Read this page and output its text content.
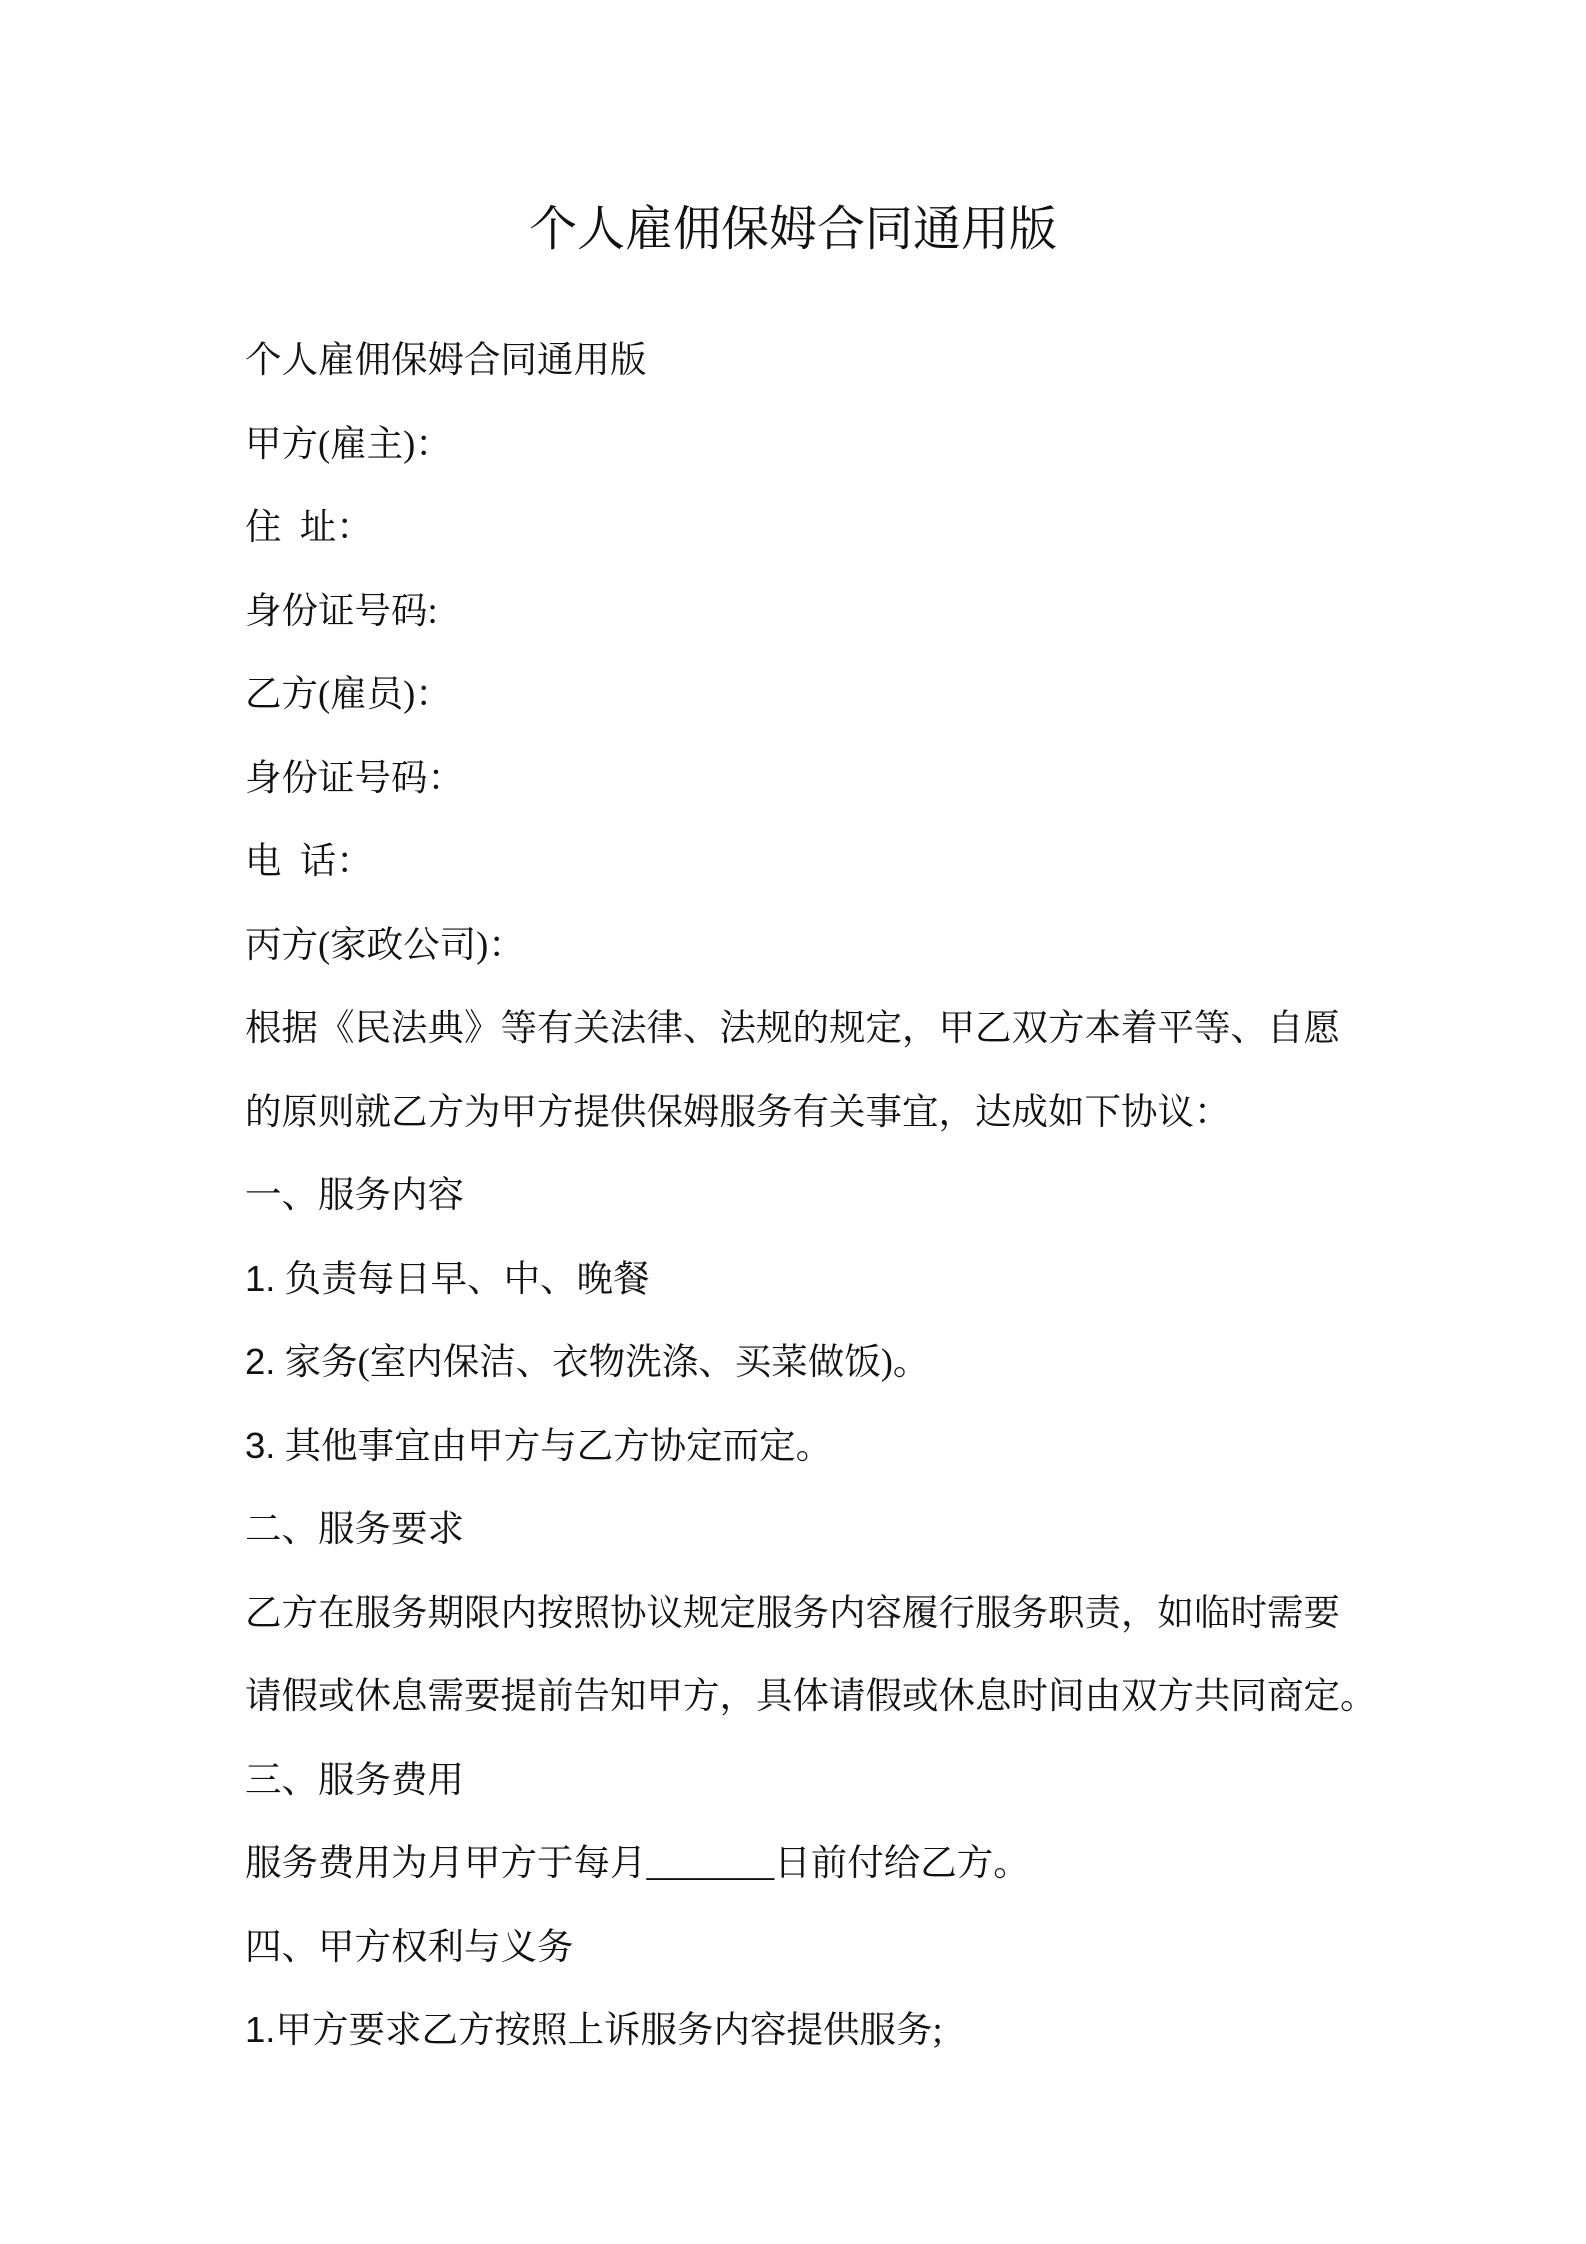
个人雇佣保姆合同通用版
个人雇佣保姆合同通用版
甲方(雇主)：
住  址：
身份证号码:
乙方(雇员)：
身份证号码：
电  话：
丙方(家政公司)：
根据《民法典》等有关法律、法规的规定，甲乙双方本着平等、自愿
的原则就乙方为甲方提供保姆服务有关事宜，达成如下协议：
一、服务内容
1. 负责每日早、中、晚餐
2. 家务(室内保洁、衣物洗涤、买菜做饭)。
3. 其他事宜由甲方与乙方协定而定。
二、服务要求
乙方在服务期限内按照协议规定服务内容履行服务职责，如临时需要
请假或休息需要提前告知甲方，具体请假或休息时间由双方共同商定。
三、服务费用
服务费用为月甲方于每月_______日前付给乙方。
四、甲方权利与义务
1.甲方要求乙方按照上诉服务内容提供服务;
